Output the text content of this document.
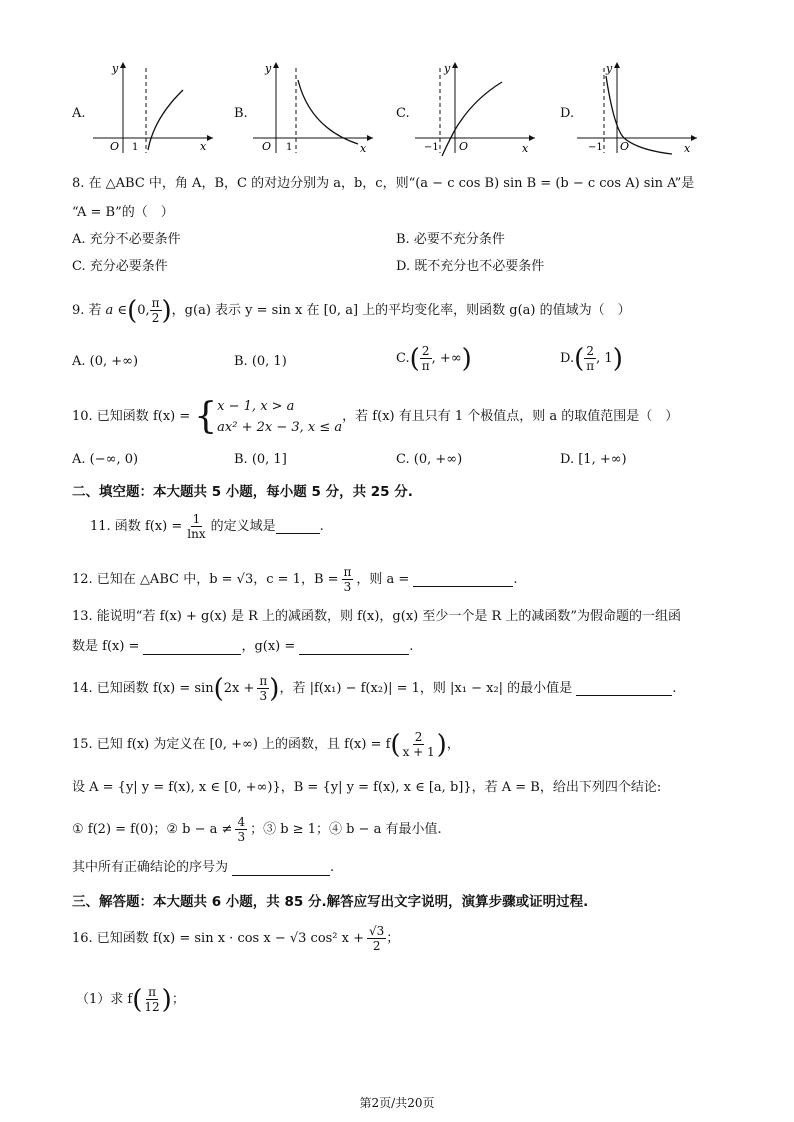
A.
y
x
O 1
B.
y
x
O 1
C.
y
x
O
−1
D.
y
x
O
−1
8. 在 △ABC 中，角 A，B，C 的对边分别为 a，b，c，则“(a − c cos B) sin B = (b − c cos A) sin A”是
“A = B”的（　）
A. 充分不必要条件	B. 必要不充分条件
C. 充分必要条件	D. 既不充分也不必要条件
9. 若 a ∈ ( 0, $\frac{\pi}{2}$ ) ，g(a) 表示 y = sin x 在 [0, a] 上的平均变化率，则函数 g(a) 的值域为（　）
A. (0, +∞)	B. (0, 1)	C. ( $\frac{2}{\pi}$ , +∞ )	D. ( $\frac{2}{\pi}$ , 1 )
10. 已知函数 f(x) = { x − 1, x > a
ax² + 2x − 3, x ≤ a
，若 f(x) 有且只有 1 个极值点，则 a 的取值范围是（　）
A. (−∞, 0)	B. (0, 1]	C. (0, +∞)	D. [1, +∞)
二、填空题：本大题共 5 小题，每小题 5 分，共 25 分.
11. 函数 $f(x) = \frac{1}{\ln x}$ 的定义域是	.
12. 已知在 △ABC 中，b = √3，c = 1，$B = \frac{\pi}{3}$ ，则 a =	.
13. 能说明“若 f(x) + g(x) 是 R 上的减函数，则 f(x)，g(x) 至少一个是 R 上的减函数”为假命题的一组函
数是 f(x) =	，g(x) =	.
14. 已知函数 f(x) = sin ( $2x + \frac{\pi}{3}$ ) ，若 |f(x₁) − f(x₂)| = 1，则 |x₁ − x₂| 的最小值是	.
15. 已知 f(x) 为定义在 [0, +∞) 上的函数，且 f(x) = f ( $\frac{2}{x + 1}$ ) ，
设 A = {y| y = f(x), x ∈ [0, +∞)}，B = {y| y = f(x), x ∈ [a, b]}，若 A = B，给出下列四个结论:
① f(2) = f(0)；② $b - a \ne \frac{4}{3}$ ；③ b ≥ 1；④ b − a 有最小值.
其中所有正确结论的序号为	.
三、解答题：本大题共 6 小题，共 85 分.解答应写出文字说明，演算步骤或证明过程.
16. 已知函数 f(x) = sin x · cos x − √3 cos² $x + \frac{√3}{2}$ ；
（1）求 f ( $\frac{\pi}{12}$ ) ；
第2页/共20页
